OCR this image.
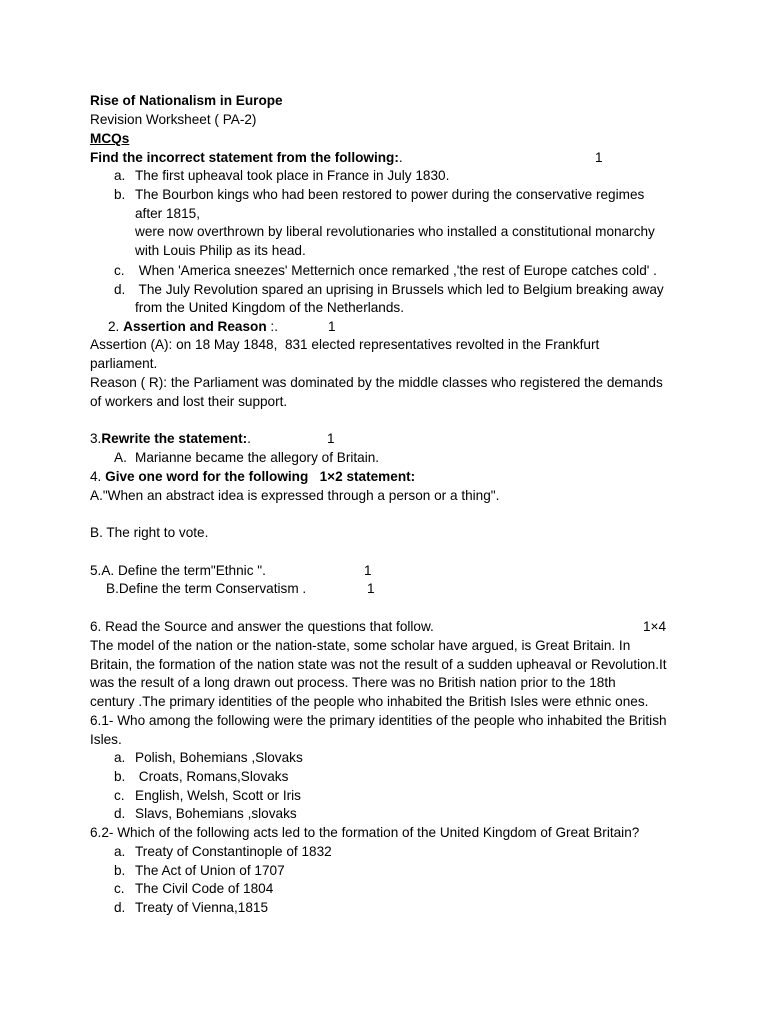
Rise of Nationalism in Europe
Revision Worksheet ( PA-2)
MCQs
Find the incorrect statement from the following:.	1
a. The first upheaval took place in France in July 1830.
b. The Bourbon kings who had been restored to power during the conservative regimes
after 1815,
were now overthrown by liberal revolutionaries who installed a constitutional monarchy
with Louis Philip as its head.
c. When 'America sneezes' Metternich once remarked ,'the rest of Europe catches cold' .
d. The July Revolution spared an uprising in Brussels which led to Belgium breaking away
from the United Kingdom of the Netherlands.
2. Assertion and Reason :.	1
Assertion (A): on 18 May 1848,  831 elected representatives revolted in the Frankfurt
parliament.
Reason ( R): the Parliament was dominated by the middle classes who registered the demands
of workers and lost their support.
3.Rewrite the statement:.	1
A. Marianne became the allegory of Britain.
4. Give one word for the following   1×2 statement:
A."When an abstract idea is expressed through a person or a thing".
B. The right to vote.
5.A. Define the term"Ethnic ".	1
B.Define the term Conservatism .	1
6. Read the Source and answer the questions that follow.	1×4
The model of the nation or the nation-state, some scholar have argued, is Great Britain. In
Britain, the formation of the nation state was not the result of a sudden upheaval or Revolution.It
was the result of a long drawn out process. There was no British nation prior to the 18th
century .The primary identities of the people who inhabited the British Isles were ethnic ones.
6.1- Who among the following were the primary identities of the people who inhabited the British
Isles.
a. Polish, Bohemians ,Slovaks
b. Croats, Romans,Slovaks
c. English, Welsh, Scott or Iris
d. Slavs, Bohemians ,slovaks
6.2- Which of the following acts led to the formation of the United Kingdom of Great Britain?
a. Treaty of Constantinople of 1832
b. The Act of Union of 1707
c. The Civil Code of 1804
d. Treaty of Vienna,1815
